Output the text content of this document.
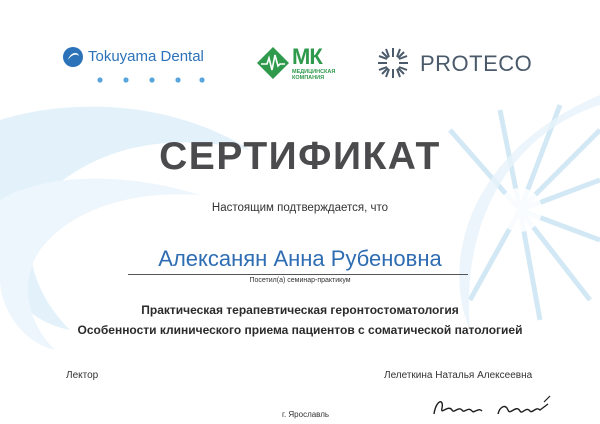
Tokuyama Dental	МК
МЕДИЦИНСКАЯ
КОМПАНИЯ
PROTECO
СЕРТИФИКАТ
Настоящим подтверждается, что
Алексанян Анна Рубеновна
Посетил(а) семинар-практикум
Практическая терапевтическая геронтостоматология
Особенности клинического приема пациентов с соматической патологией
Лектор	Лелеткина Наталья Алексеевна
г. Ярославль
